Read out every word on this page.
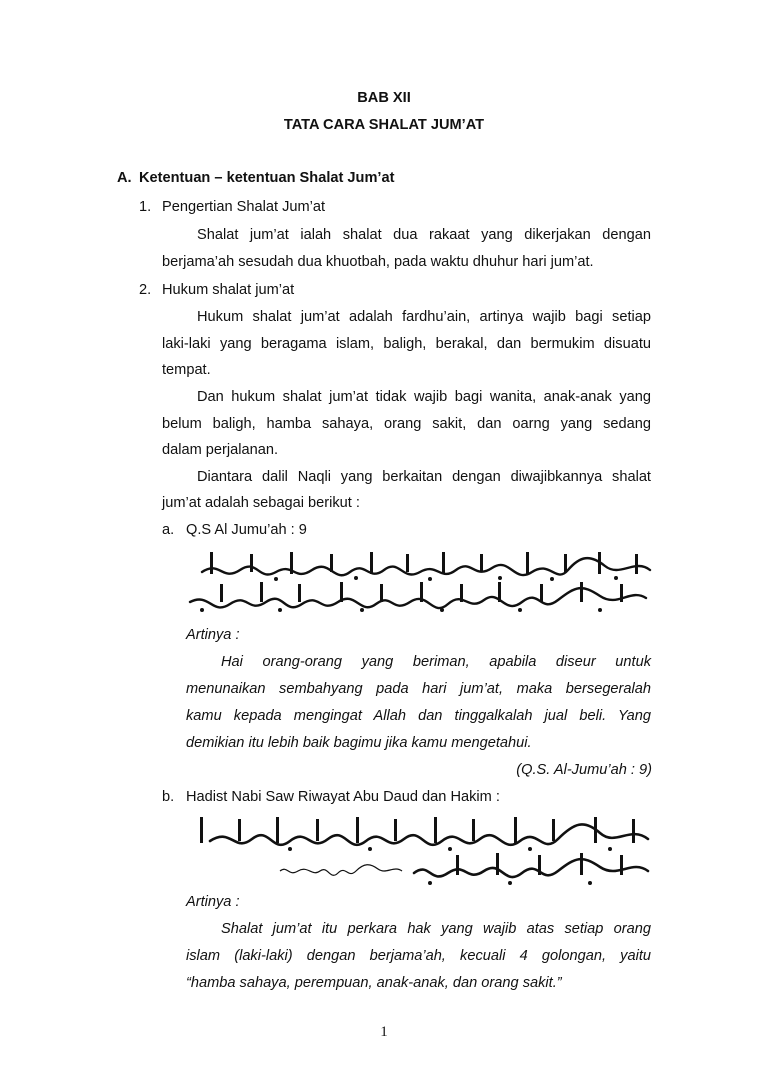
BAB XII
TATA CARA SHALAT JUM’AT
A. Ketentuan – ketentuan Shalat Jum’at
1. Pengertian Shalat Jum’at
Shalat jum’at ialah shalat dua rakaat yang dikerjakan dengan
berjama’ah sesudah dua khuotbah, pada waktu dhuhur hari jum’at.
2. Hukum shalat jum’at
Hukum shalat jum’at adalah fardhu’ain, artinya wajib bagi setiap
laki-laki yang beragama islam, baligh, berakal, dan bermukim disuatu
tempat.
Dan hukum shalat jum’at tidak wajib bagi wanita, anak-anak yang
belum baligh, hamba sahaya, orang sakit, dan oarng yang sedang
dalam perjalanan.
Diantara dalil Naqli yang berkaitan dengan diwajibkannya shalat
jum’at adalah sebagai berikut :
a. Q.S Al Jumu’ah : 9
Artinya :
Hai orang-orang yang beriman, apabila diseur untuk
menunaikan sembahyang pada hari jum’at, maka bersegeralah
kamu kepada mengingat Allah dan tinggalkalah jual beli. Yang
demikian itu lebih baik bagimu jika kamu mengetahui.
(Q.S. Al-Jumu’ah : 9)
b. Hadist Nabi Saw Riwayat Abu Daud dan Hakim :
Artinya :
Shalat jum’at itu perkara hak yang wajib atas setiap orang
islam (laki-laki) dengan berjama’ah, kecuali 4 golongan, yaitu
“hamba sahaya, perempuan, anak-anak, dan orang sakit.”
1
